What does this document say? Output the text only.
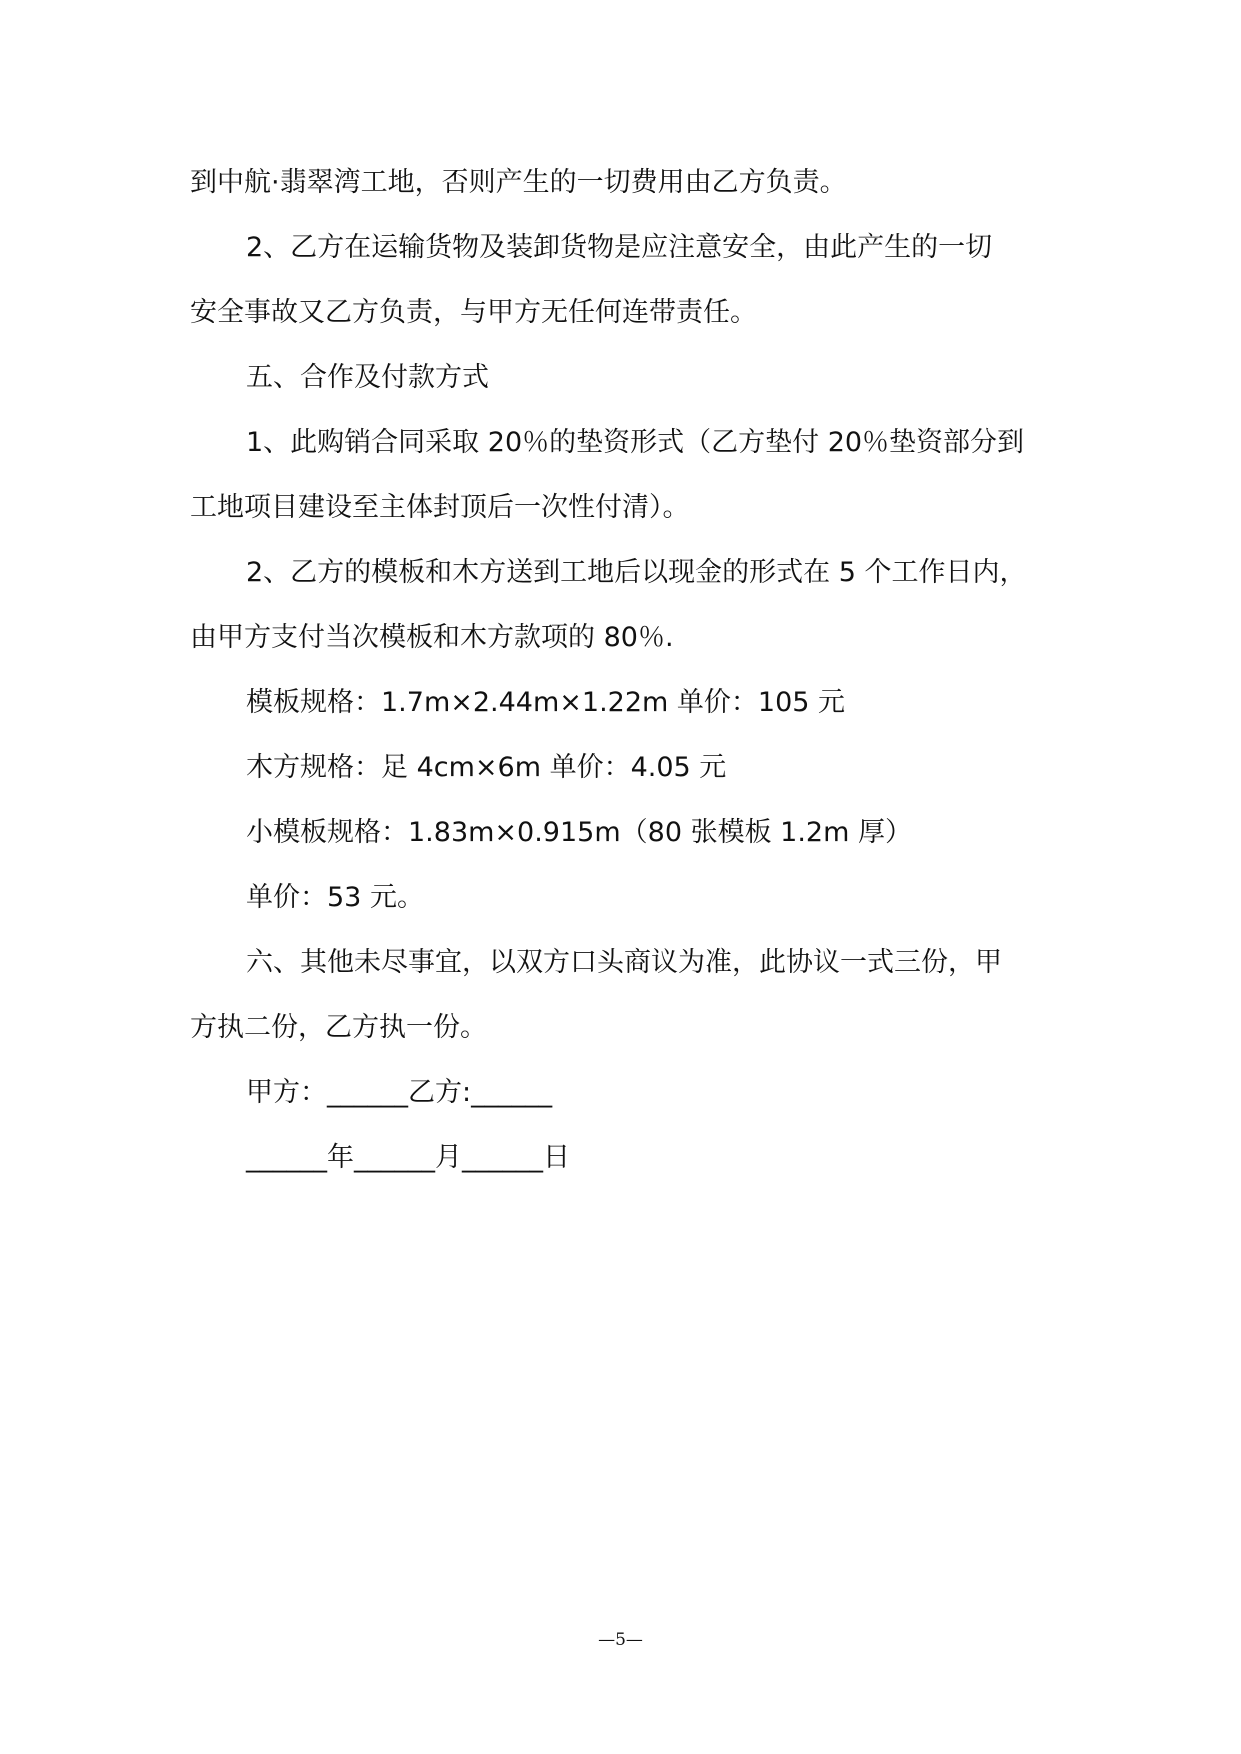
到中航·翡翠湾工地，否则产生的一切费用由乙方负责。

2、乙方在运输货物及装卸货物是应注意安全，由此产生的一切

安全事故又乙方负责，与甲方无任何连带责任。

五、合作及付款方式

1、此购销合同采取 20％的垫资形式（乙方垫付 20％垫资部分到

工地项目建设至主体封顶后一次性付清）。

2、乙方的模板和木方送到工地后以现金的形式在 5 个工作日内，

由甲方支付当次模板和木方款项的 80％.

模板规格：1.7m×2.44m×1.22m 单价：105 元

木方规格：足 4cm×6m 单价：4.05 元

小模板规格：1.83m×0.915m（80 张模板 1.2m 厚）

单价：53 元。

六、其他未尽事宜，以双方口头商议为准，此协议一式三份，甲

方执二份，乙方执一份。

甲方：______乙方:______

______年______月______日

—5—
